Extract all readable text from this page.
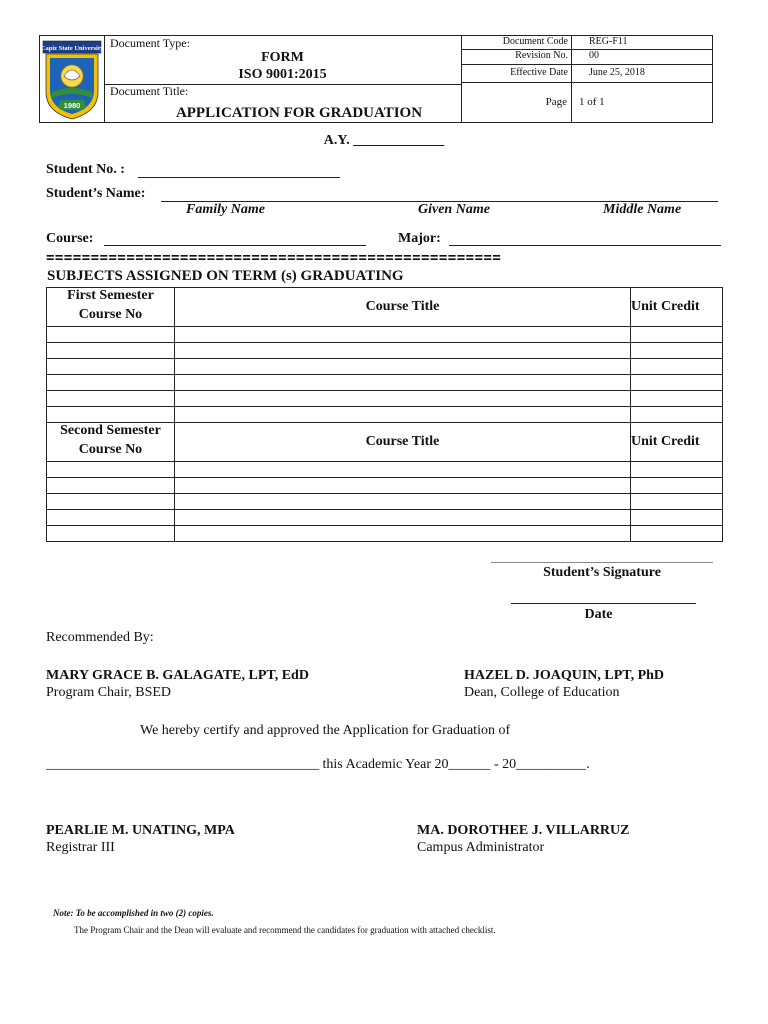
Capiz State University
1980
Document Type:
FORM
ISO 9001:2015
Document Title:
APPLICATION FOR GRADUATION
Document Code REG-F11
Revision No. 00
Effective Date June 25, 2018
Page 1 of 1
A.Y. _____________
Student No. :
Student’s Name:
Family Name	Given Name	Middle Name
Course:	Major:
===================================================
SUBJECTS ASSIGNED ON TERM (s) GRADUATING
First Semester
Course No	Course Title	Unit Credit

Second Semester
Course No	Course Title	Unit Credit

Student’s Signature
Date
Recommended By:
MARY GRACE B. GALAGATE, LPT, EdD
Program Chair, BSED
HAZEL D. JOAQUIN, LPT, PhD
Dean, College of Education
We hereby certify and approved the Application for Graduation of
_______________________________________ this Academic Year 20______ - 20__________.
PEARLIE M. UNATING, MPA
Registrar III
MA. DOROTHEE J. VILLARRUZ
Campus Administrator
Note: To be accomplished in two (2) copies.
The Program Chair and the Dean will evaluate and recommend the candidates for graduation with attached checklist.
